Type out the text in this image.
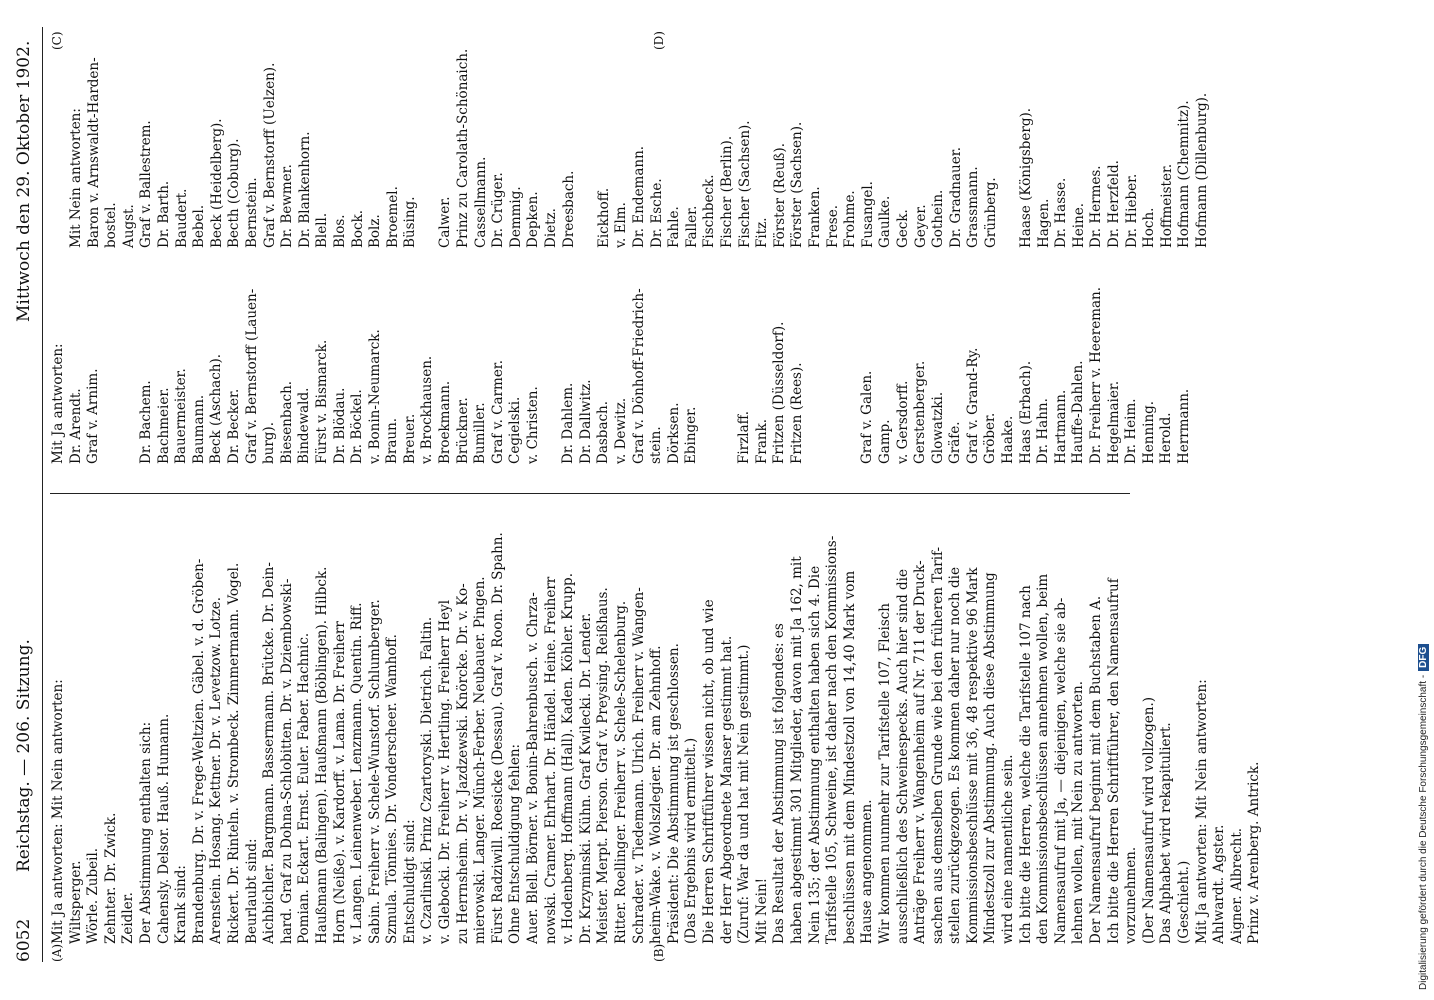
6052
Reichstag. — 206. Sitzung.
Mittwoch den 29. Oktober 1902.
(A)	(B)
(C)	(D)
Mit Ja antworten: Mit Nein antworten: Wiltsperger. Wörle. Zubeil. Zehnter. Dr. Zwick. Zeidler. Der Abstimmung enthalten sich: Cahensly. Delsor. Hauß. Humann. Krank sind: Brandenburg. Dr. v. Frege-Weltzien. Gäbel. v. d. Gröben- Arenstein. Hosang. Kettner. Dr. v. Levetzow. Lotze. Rickert. Dr. Rinteln. v. Strombeck. Zimmermann. Vogel. Beurlaubt sind: Aichbichler. Bargmann. Bassermann. Brütcke. Dr. Dein- hard. Graf zu Dohna-Schlobitten. Dr. v. Dziembowski- Pomian. Eckart. Ernst. Euler. Faber. Hachnic. Haußmann (Balingen). Haußmann (Böblingen). Hilbck. Horn (Neiße). v. Kardorff. v. Lama. Dr. Freiherr v. Langen. Leinenweber. Lenzmann. Quentin. Riff. Sabin. Freiherr v. Schele-Wunstorf. Schlumberger. Szmula. Tönnies. Dr. Vonderscheer. Wamhoff. Entschuldigt sind: v. Czarlinski. Prinz Czartoryski. Dietrich. Faltin. v. Glebocki. Dr. Freiherr v. Hertling. Freiherr Heyl zu Herrnsheim. Dr. v. Jazdzewski. Knörcke. Dr. v. Ko- mierowski. Langer. Münch-Ferber. Neubauer. Pingen. Fürst Radziwill. Roesicke (Dessau). Graf v. Roon. Dr. Spahn. Ohne Entschuldigung fehlen: Auer. Blell. Börner. v. Bonin-Bahrenbusch. v. Chrza- nowski. Cramer. Ehrhart. Dr. Händel. Heine. Freiherr v. Hodenberg. Hoffmann (Hall). Kaden. Köhler. Krupp. Dr. Krzyminski. Kühn. Graf Kwilecki. Dr. Lender. Meister. Merpt. Pierson. Graf v. Preysing. Reißhaus. Ritter. Roellinger. Freiherr v. Schele-Schelenburg. Schrader. v. Tiedemann. Ulrich. Freiherr v. Wangen- heim-Wake. v. Wolszlegier. Dr. am Zehnhoff. Präsident: Die Abstimmung ist geschlossen. (Das Ergebnis wird ermittelt.) Die Herren Schriftführer wissen nicht, ob und wie der Herr Abgeordnete Manser gestimmt hat. (Zuruf: War da und hat mit Nein gestimmt.) Mit Nein! Das Resultat der Abstimmung ist folgendes: es haben abgestimmt 301 Mitglieder, davon mit Ja 162, mit Nein 135; der Abstimmung enthalten haben sich 4. Die Tarifstelle 105, Schweine, ist daher nach den Kommissions- beschlüssen mit dem Mindestzoll von 14,40 Mark vom Hause angenommen. Wir kommen nunmehr zur Tarifstelle 107, Fleisch ausschließlich des Schweinespecks. Auch hier sind die Anträge Freiherr v. Wangenheim auf Nr. 711 der Druck- sachen aus demselben Grunde wie bei den früheren Tarif- stellen zurückgezogen. Es kommen daher nur noch die Kommissionsbeschlüsse mit 36, 48 respektive 96 Mark Mindestzoll zur Abstimmung. Auch diese Abstimmung wird eine namentliche sein. Ich bitte die Herren, welche die Tarifstelle 107 nach den Kommissionsbeschlüssen annehmen wollen, beim Namensaufruf mit Ja, — diejenigen, welche sie ab- lehnen wollen, mit Nein zu antworten. Der Namensaufruf beginnt mit dem Buchstaben A. Ich bitte die Herren Schriftführer, den Namensaufruf vorzunehmen. (Der Namensaufruf wird vollzogen.) Das Alphabet wird rekapituliert. (Geschieht.) Mit Ja antworten: Mit Nein antworten: Ahlwardt. Agster. Aigner. Albrecht. Prinz v. Arenberg. Antrick.
Mit Ja antworten: Dr. Arendt. Graf v. Arnim.	Dr. Bachem. Bachmeier. Bauermeister. Baumann. Beck (Aschach). Dr. Becker. Graf v. Bernstorff (Lauen- burg). Biesenbach. Bindewald. Fürst v. Bismarck. Dr. Blödau. Dr. Böckel. v. Bonin-Neumarck. Braun. Breuer. v. Brockhausen. Broekmann. Brückner. Bumiller. Graf v. Carmer. Cegielski. v. Christen. Dr. Dahlem. Dr. Dallwitz. Dasbach. v. Dewitz. Graf v. Dönhoff-Friedrich- stein. Dörksen. Ebinger.	Firzlaff. Frank. Fritzen (Düsseldorf). Fritzen (Rees).	Graf v. Galen. Gamp. v. Gersdorff. Gerstenberger. Glowatzki. Gräfe. Graf v. Grand-Ry. Gröber. Haake. Haas (Erbach). Dr. Hahn. Hartmann. Hauffe-Dahlen. Dr. Freiherr v. Heereman. Hegelmaier. Dr. Heim. Henning. Herold. Herrmann.
Mit Nein antworten: Baron v. Arnswaldt-Harden- bostel. Augst. Graf v. Ballestrem. Dr. Barth. Baudert. Bebel. Beck (Heidelberg). Becth (Coburg). Bernstein. Graf v. Bernstorff (Uelzen). Dr. Bewmer. Dr. Blankenhorn. Blell. Blos. Bock. Bolz. Broemel. Büsing. Calwer. Prinz zu Carolath-Schönaich. Cassellmann. Dr. Crüger. Demmig. Depken. Dietz. Dreesbach. Eickhoff. v. Elm. Dr. Endemann. Dr. Esche. Fahle. Faller. Fischbeck. Fischer (Berlin). Fischer (Sachsen). Fitz. Förster (Reuß). Förster (Sachsen). Franken. Frese. Frohme. Fusangel. Gaulke. Geck. Geyer. Gothein. Dr. Gradnauer. Grassmann. Grünberg. Haase (Königsberg). Hagen. Dr. Hasse. Heine. Dr. Hermes. Dr. Herzfeld. Dr. Hieber. Hoch. Hoffmeister. Hofmann (Chemnitz). Hofmann (Dillenburg).
Digitalisierung gefördert durch die Deutsche Forschungsgemeinschaft -DFG
